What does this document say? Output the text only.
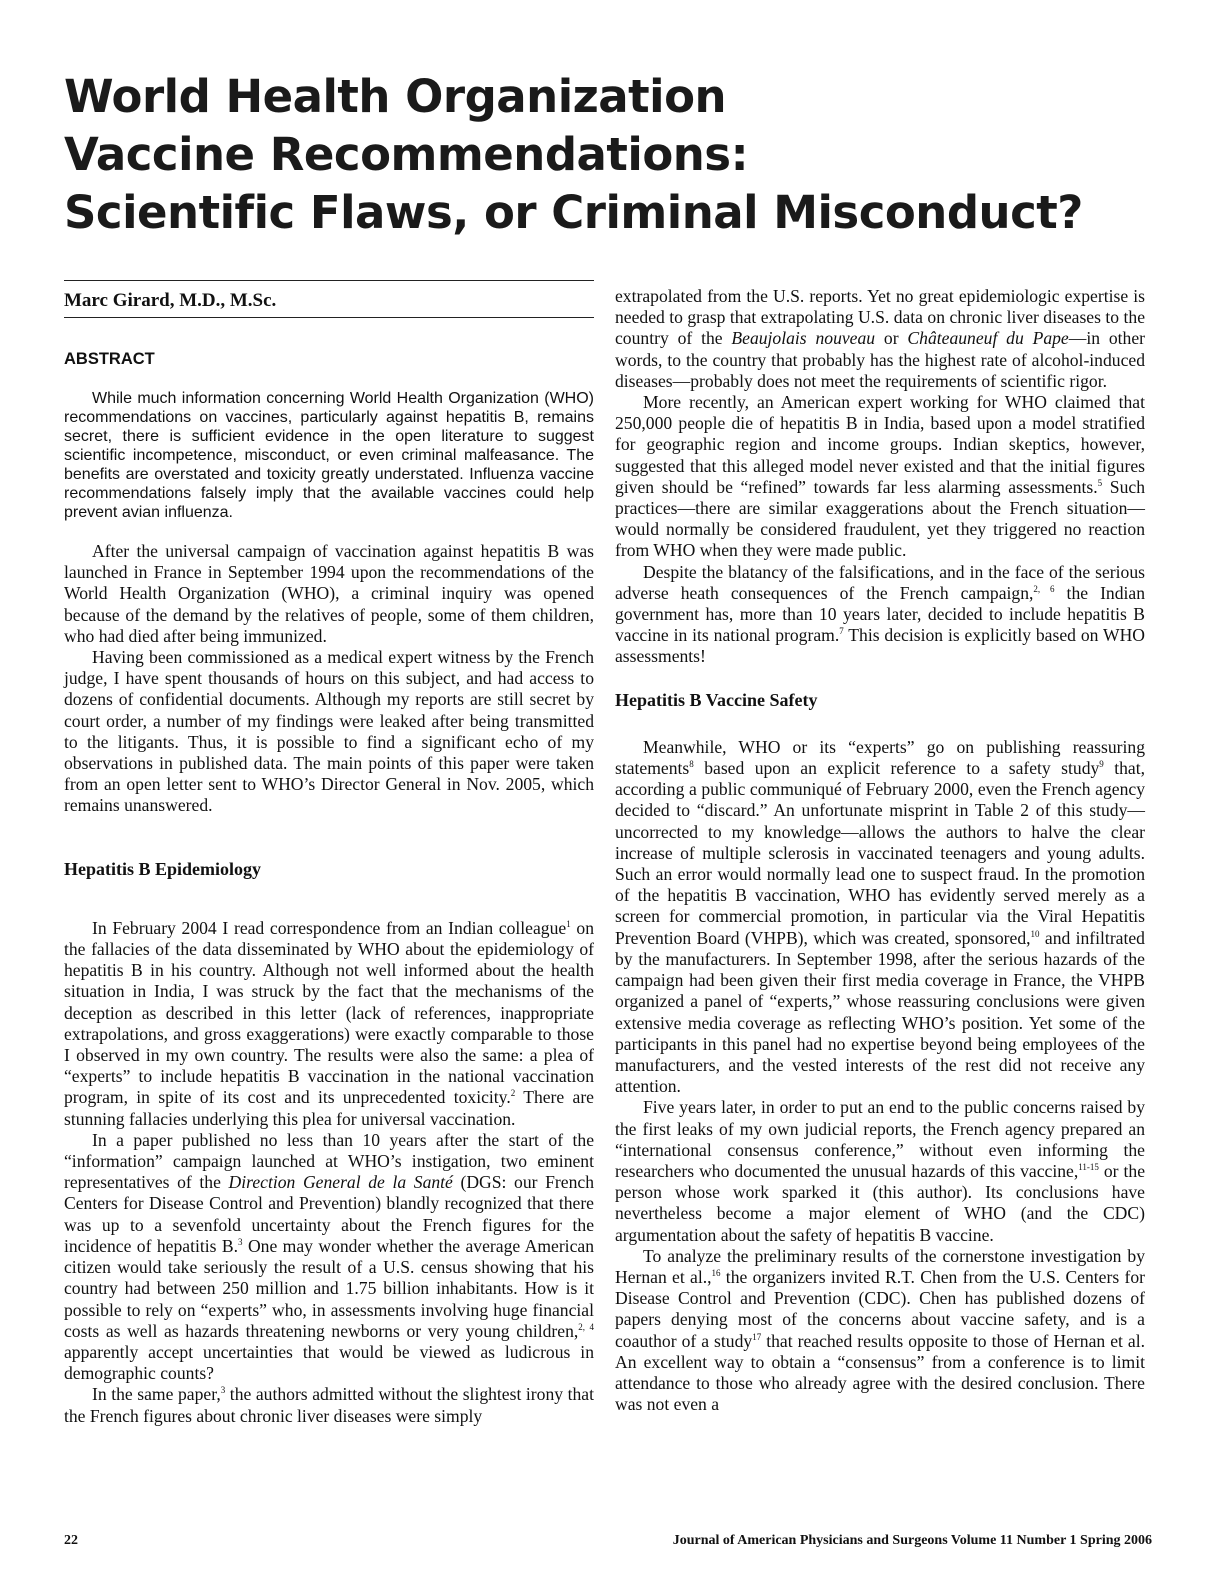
World Health Organization
Vaccine Recommendations:
Scientific Flaws, or Criminal Misconduct?
Marc Girard, M.D., M.Sc.
ABSTRACT

While much information concerning World Health Organization (WHO) recommendations on vaccines, particularly against hepatitis B, remains secret, there is sufficient evidence in the open literature to suggest scientific incompetence, misconduct, or even criminal malfeasance. The benefits are overstated and toxicity greatly understated. Influenza vaccine recommendations falsely imply that the available vaccines could help prevent avian influenza.

After the universal campaign of vaccination against hepatitis B was launched in France in September 1994 upon the recommendations of the World Health Organization (WHO), a criminal inquiry was opened because of the demand by the relatives of people, some of them children, who had died after being immunized.

Having been commissioned as a medical expert witness by the French judge, I have spent thousands of hours on this subject, and had access to dozens of confidential documents. Although my reports are still secret by court order, a number of my findings were leaked after being transmitted to the litigants. Thus, it is possible to find a significant echo of my observations in published data. The main points of this paper were taken from an open letter sent to WHO’s Director General in Nov. 2005, which remains unanswered.

Hepatitis B Epidemiology

In February 2004 I read correspondence from an Indian colleague$^1$ on the fallacies of the data disseminated by WHO about the epidemiology of hepatitis B in his country. Although not well informed about the health situation in India, I was struck by the fact that the mechanisms of the deception as described in this letter (lack of references, inappropriate extrapolations, and gross exaggerations) were exactly comparable to those I observed in my own country. The results were also the same: a plea of “experts” to include hepatitis B vaccination in the national vaccination program, in spite of its cost and its unprecedented toxicity.$^2$ There are stunning fallacies underlying this plea for universal vaccination.

In a paper published no less than 10 years after the start of the “information” campaign launched at WHO’s instigation, two eminent representatives of the Direction General de la Santé (DGS: our French Centers for Disease Control and Prevention) blandly recognized that there was up to a sevenfold uncertainty about the French figures for the incidence of hepatitis B.$^3$ One may wonder whether the average American citizen would take seriously the result of a U.S. census showing that his country had between 250 million and 1.75 billion inhabitants. How is it possible to rely on “experts” who, in assessments involving huge financial costs as well as hazards threatening newborns or very young children,$^{2, 4}$ apparently accept uncertainties that would be viewed as ludicrous in demographic counts?

In the same paper,$^3$ the authors admitted without the slightest irony that the French figures about chronic liver diseases were simply

extrapolated from the U.S. reports. Yet no great epidemiologic expertise is needed to grasp that extrapolating U.S. data on chronic liver diseases to the country of the Beaujolais nouveau or Châteauneuf du Pape—in other words, to the country that probably has the highest rate of alcohol-induced diseases—probably does not meet the requirements of scientific rigor.

More recently, an American expert working for WHO claimed that 250,000 people die of hepatitis B in India, based upon a model stratified for geographic region and income groups. Indian skeptics, however, suggested that this alleged model never existed and that the initial figures given should be “refined” towards far less alarming assessments.$^5$ Such practices—there are similar exaggerations about the French situation—would normally be considered fraudulent, yet they triggered no reaction from WHO when they were made public.

Despite the blatancy of the falsifications, and in the face of the serious adverse heath consequences of the French campaign,$^{2, 6}$ the Indian government has, more than 10 years later, decided to include hepatitis B vaccine in its national program.$^7$ This decision is explicitly based on WHO assessments!

Hepatitis B Vaccine Safety

Meanwhile, WHO or its “experts” go on publishing reassuring statements$^8$ based upon an explicit reference to a safety study$^9$ that, according a public communiqué of February 2000, even the French agency decided to “discard.” An unfortunate misprint in Table 2 of this study—uncorrected to my knowledge—allows the authors to halve the clear increase of multiple sclerosis in vaccinated teenagers and young adults. Such an error would normally lead one to suspect fraud. In the promotion of the hepatitis B vaccination, WHO has evidently served merely as a screen for commercial promotion, in particular via the Viral Hepatitis Prevention Board (VHPB), which was created, sponsored,$^{10}$ and infiltrated by the manufacturers. In September 1998, after the serious hazards of the campaign had been given their first media coverage in France, the VHPB organized a panel of “experts,” whose reassuring conclusions were given extensive media coverage as reflecting WHO’s position. Yet some of the participants in this panel had no expertise beyond being employees of the manufacturers, and the vested interests of the rest did not receive any attention.

Five years later, in order to put an end to the public concerns raised by the first leaks of my own judicial reports, the French agency prepared an “international consensus conference,” without even informing the researchers who documented the unusual hazards of this vaccine,$^{11-15}$ or the person whose work sparked it (this author). Its conclusions have nevertheless become a major element of WHO (and the CDC) argumentation about the safety of hepatitis B vaccine.

To analyze the preliminary results of the cornerstone investigation by Hernan et al.,$^{16}$ the organizers invited R.T. Chen from the U.S. Centers for Disease Control and Prevention (CDC). Chen has published dozens of papers denying most of the concerns about vaccine safety, and is a coauthor of a study$^{17}$ that reached results opposite to those of Hernan et al. An excellent way to obtain a “consensus” from a conference is to limit attendance to those who already agree with the desired conclusion. There was not even a

22	Journal of American Physicians and Surgeons Volume 11 Number 1 Spring 2006
